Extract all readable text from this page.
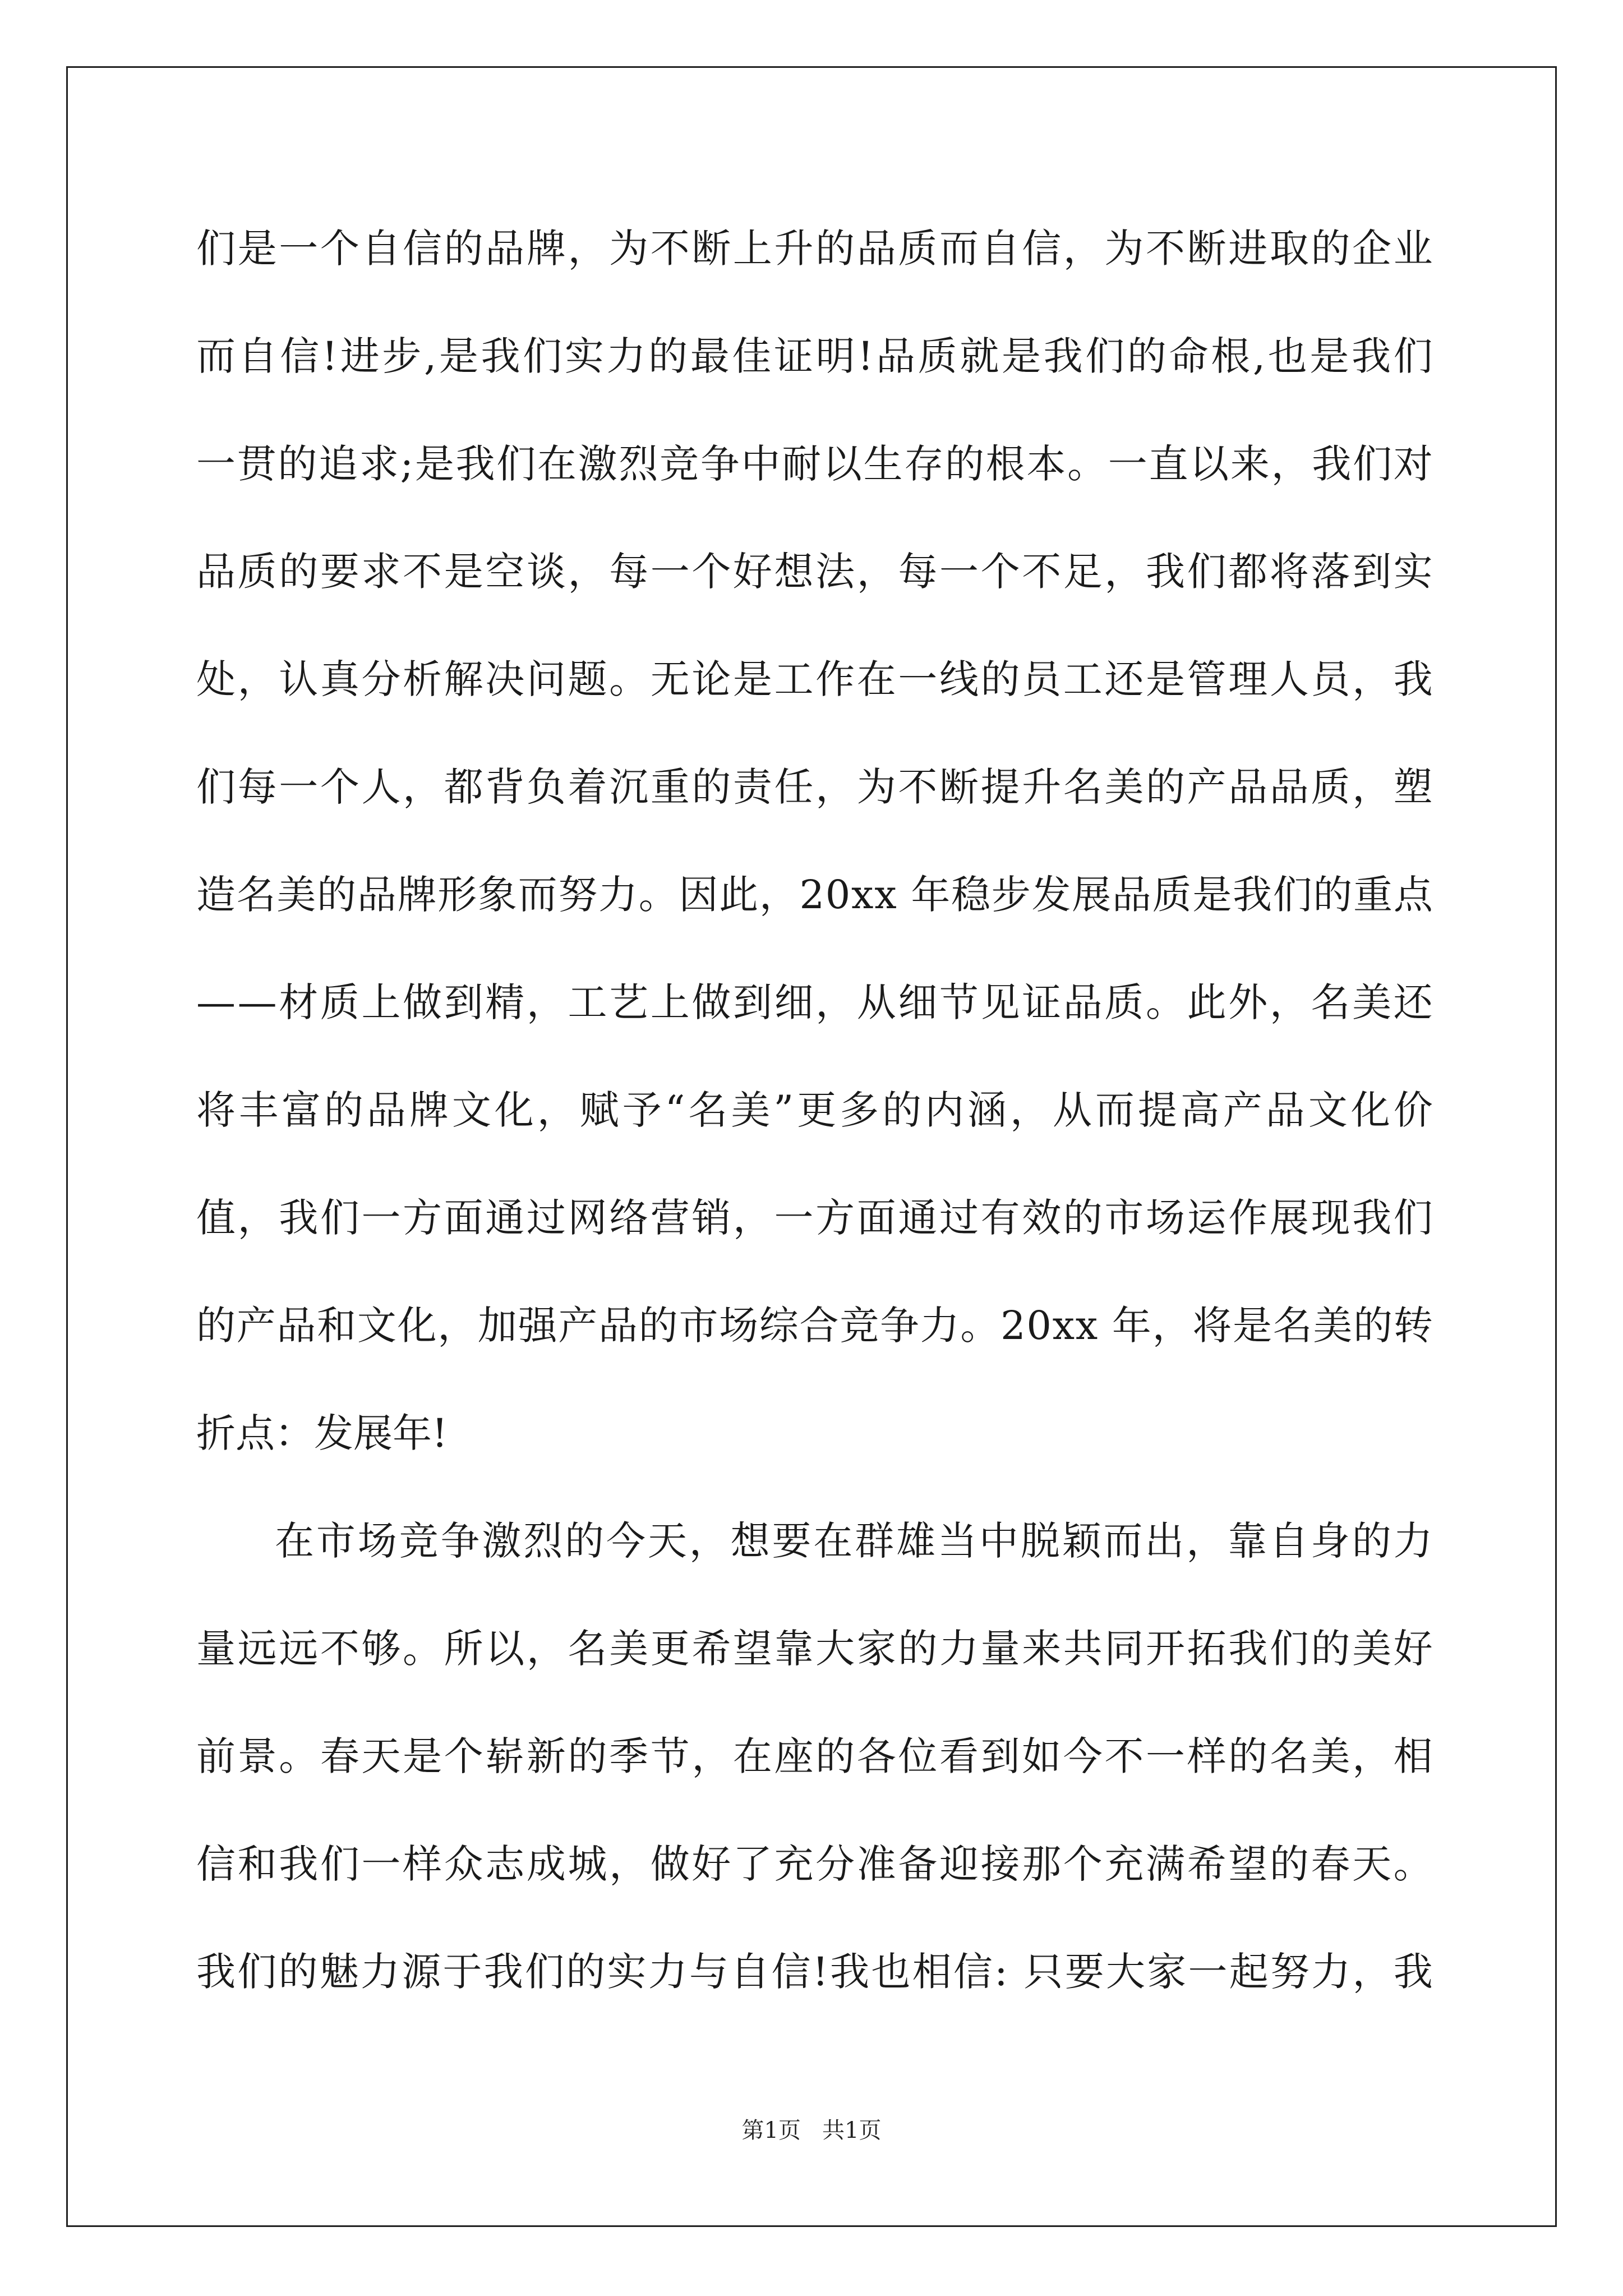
们 是 一 个 自 信 的 品 牌 ， 为 不 断 上 升 的 品 质 而 自 信 ， 为 不 断 进 取 的 企 业
而 自 信 ! 进 步 , 是 我 们 实 力 的 最 佳 证 明 ! 品 质 就 是 我 们 的 命 根 , 也 是 我 们
一 贯 的 追 求 ; 是 我 们 在 激 烈 竞 争 中 耐 以 生 存 的 根 本 。 一 直 以 来 ， 我 们 对
品 质 的 要 求 不 是 空 谈 ， 每 一 个 好 想 法 ， 每 一 个 不 足 ， 我 们 都 将 落 到 实
处 ， 认 真 分 析 解 决 问 题 。 无 论 是 工 作 在 一 线 的 员 工 还 是 管 理 人 员 ， 我
们 每 一 个 人 ， 都 背 负 着 沉 重 的 责 任 ， 为 不 断 提 升 名 美 的 产 品 品 质 ， 塑
造 名 美 的 品 牌 形 象 而 努 力 。 因 此 ， 2 0 x x
年 稳 步 发 展 品 质 是 我 们 的 重 点
— — 材 质 上 做 到 精 ， 工 艺 上 做 到 细 ， 从 细 节 见 证 品 质 。 此 外 ， 名 美 还
将 丰 富 的 品 牌 文 化 ， 赋 予 “ 名 美 ” 更 多 的 内 涵 ， 从 而 提 高 产 品 文 化 价
值 ， 我 们 一 方 面 通 过 网 络 营 销 ， 一 方 面 通 过 有 效 的 市 场 运 作 展 现 我 们
的 产 品 和 文 化 ， 加 强 产 品 的 市 场 综 合 竞 争 力 。 2 0 x x
年 ， 将 是 名 美 的 转
折点：发展年!
在 市 场 竞 争 激 烈 的 今 天 ， 想 要 在 群 雄 当 中 脱 颖 而 出 ， 靠 自 身 的 力
量 远 远 不 够 。 所 以 ， 名 美 更 希 望 靠 大 家 的 力 量 来 共 同 开 拓 我 们 的 美 好
前 景 。 春 天 是 个 崭 新 的 季 节 ， 在 座 的 各 位 看 到 如 今 不 一 样 的 名 美 ， 相
信 和 我 们 一 样 众 志 成 城 ， 做 好 了 充 分 准 备 迎 接 那 个 充 满 希 望 的 春 天 。
我 们 的 魅 力 源 于 我 们 的 实 力 与 自 信 ! 我 也 相 信 :
只 要 大 家 一 起 努 力 ， 我
第1页 共1页
